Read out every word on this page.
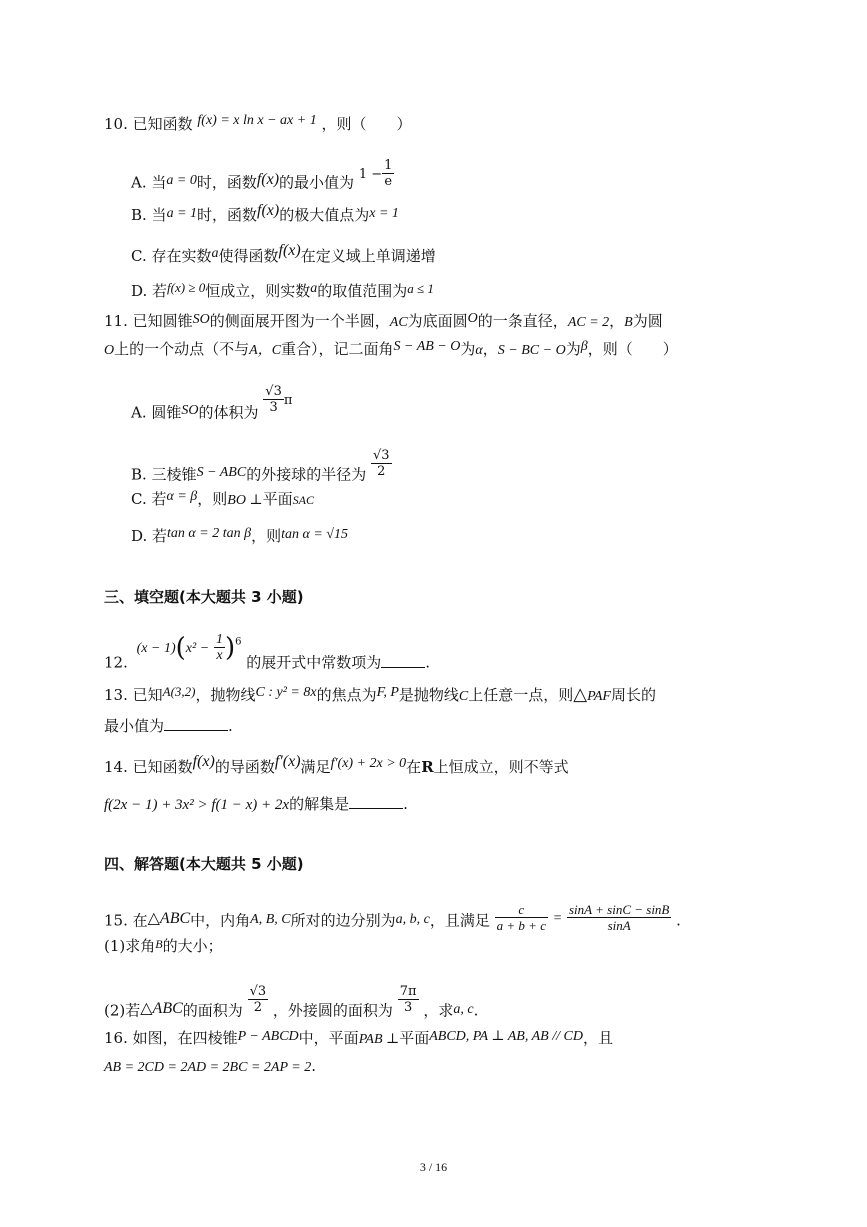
10. 已知函数 f(x) = x ln x − ax + 1 ，则（　　）
A. 当a = 0时，函数f(x)的最小值为 $1 - \frac{1}{e}$
B. 当a = 1时，函数f(x)的极大值点为x = 1
C. 存在实数a使得函数f(x)在定义域上单调递增
D. 若f(x) ≥ 0恒成立，则实数a的取值范围为a ≤ 1
11. 已知圆锥SO的侧面展开图为一个半圆，AC为底面圆O的一条直径，AC = 2，B为圆
O上的一个动点（不与A，C重合），记二面角S − AB − O为α，S − BC − O为β，则（　　）
A. 圆锥SO的体积为 $\frac{√3}{3}$ π
B. 三棱锥S − ABC的外接球的半径为 $\frac{√3}{2}$
C. 若α = β，则BO ⊥平面SAC
D. 若tan α = 2 tan β，则tan α = √15
三、填空题(本大题共 3 小题)
12. $(x - 1)(x^2 - \frac{1}{x} )^6$ 的展开式中常数项为	.
13. 已知A(3,2)，抛物线C : y² = 8x的焦点为F, P是抛物线C上任意一点，则△PAF周长的
最小值为	.
14. 已知函数f(x)的导函数f′(x)满足f′(x) + 2x > 0在R上恒成立，则不等式
f(2x − 1) + 3x² > f(1 − x) + 2x的解集是	.
四、解答题(本大题共 5 小题)
15. 在△ABC中，内角A, B, C所对的边分别为a, b, c，且满足 $\frac{c}{a + b + c} = \frac{\sin A + \sin C - \sin B}{\sin A}$ .
(1)求角$^B$的大小；
(2)若△ABC的面积为 $\frac{√3}{2}$ ，外接圆的面积为 $\frac{7\pi}{3}$ ，求a, c.
16. 如图，在四棱锥P − ABCD中，平面PAB ⊥平面ABCD, PA ⊥ AB, AB // CD，且
AB = 2CD = 2AD = 2BC = 2AP = 2.
3 / 16
